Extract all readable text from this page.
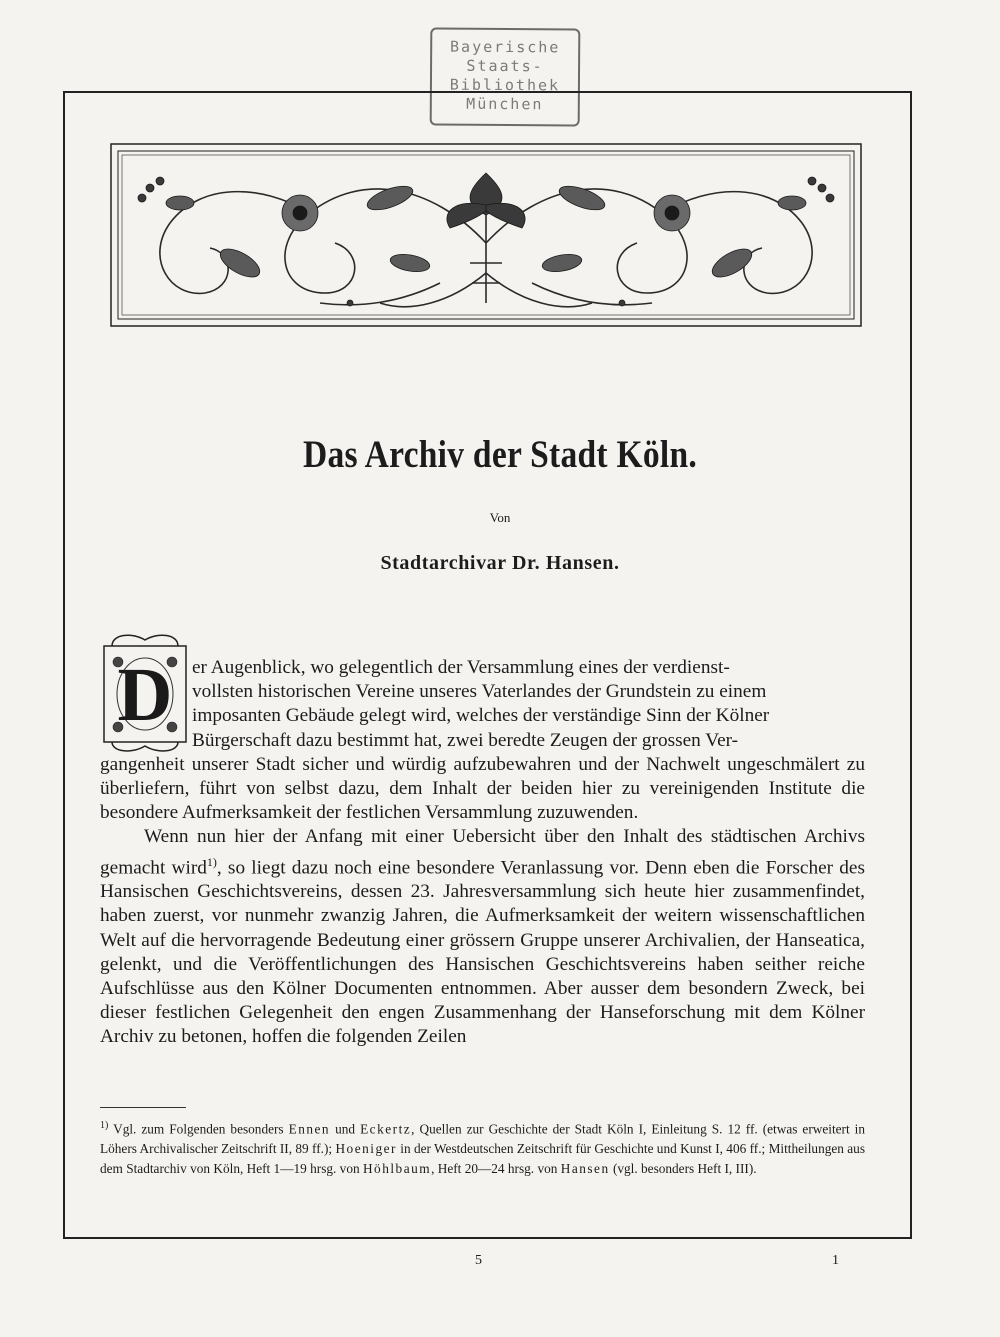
Bayerische
Staats-
Bibliothek
München
Das Archiv der Stadt Köln.
Von
Stadtarchivar Dr. Hansen.
D	er Augenblick, wo gelegentlich der Versammlung eines der verdienst-
vollsten historischen Vereine unseres Vaterlandes der Grundstein zu einem
imposanten Gebäude gelegt wird, welches der verständige Sinn der Kölner
Bürgerschaft dazu bestimmt hat, zwei beredte Zeugen der grossen Ver-
gangenheit unserer Stadt sicher und würdig aufzubewahren und der Nachwelt ungeschmälert zu überliefern, führt von selbst dazu, dem Inhalt der beiden hier zu vereinigenden Institute die besondere Aufmerksamkeit der festlichen Versammlung zuzuwenden.

Wenn nun hier der Anfang mit einer Uebersicht über den Inhalt des städtischen Archivs gemacht wird$^{1)}$, so liegt dazu noch eine besondere Veranlassung vor. Denn eben die Forscher des Hansischen Geschichtsvereins, dessen 23. Jahresversammlung sich heute hier zusammenfindet, haben zuerst, vor nunmehr zwanzig Jahren, die Aufmerksamkeit der weitern wissenschaftlichen Welt auf die hervorragende Bedeutung einer grössern Gruppe unserer Archivalien, der Hanseatica, gelenkt, und die Veröffentlichungen des Hansischen Geschichtsvereins haben seither reiche Aufschlüsse aus den Kölner Documenten entnommen. Aber ausser dem besondern Zweck, bei dieser festlichen Gelegenheit den engen Zusammenhang der Hanseforschung mit dem Kölner Archiv zu betonen, hoffen die folgenden Zeilen

$^{1)}$ Vgl. zum Folgenden besonders Ennen und Eckertz, Quellen zur Geschichte der Stadt Köln I, Einleitung S. 12 ff. (etwas erweitert in Löhers Archivalischer Zeitschrift II, 89 ff.); Hoeniger in der Westdeutschen Zeitschrift für Geschichte und Kunst I, 406 ff.; Mittheilungen aus dem Stadtarchiv von Köln, Heft 1—19 hrsg. von Höhlbaum, Heft 20—24 hrsg. von Hansen (vgl. besonders Heft I, III).
5	1
